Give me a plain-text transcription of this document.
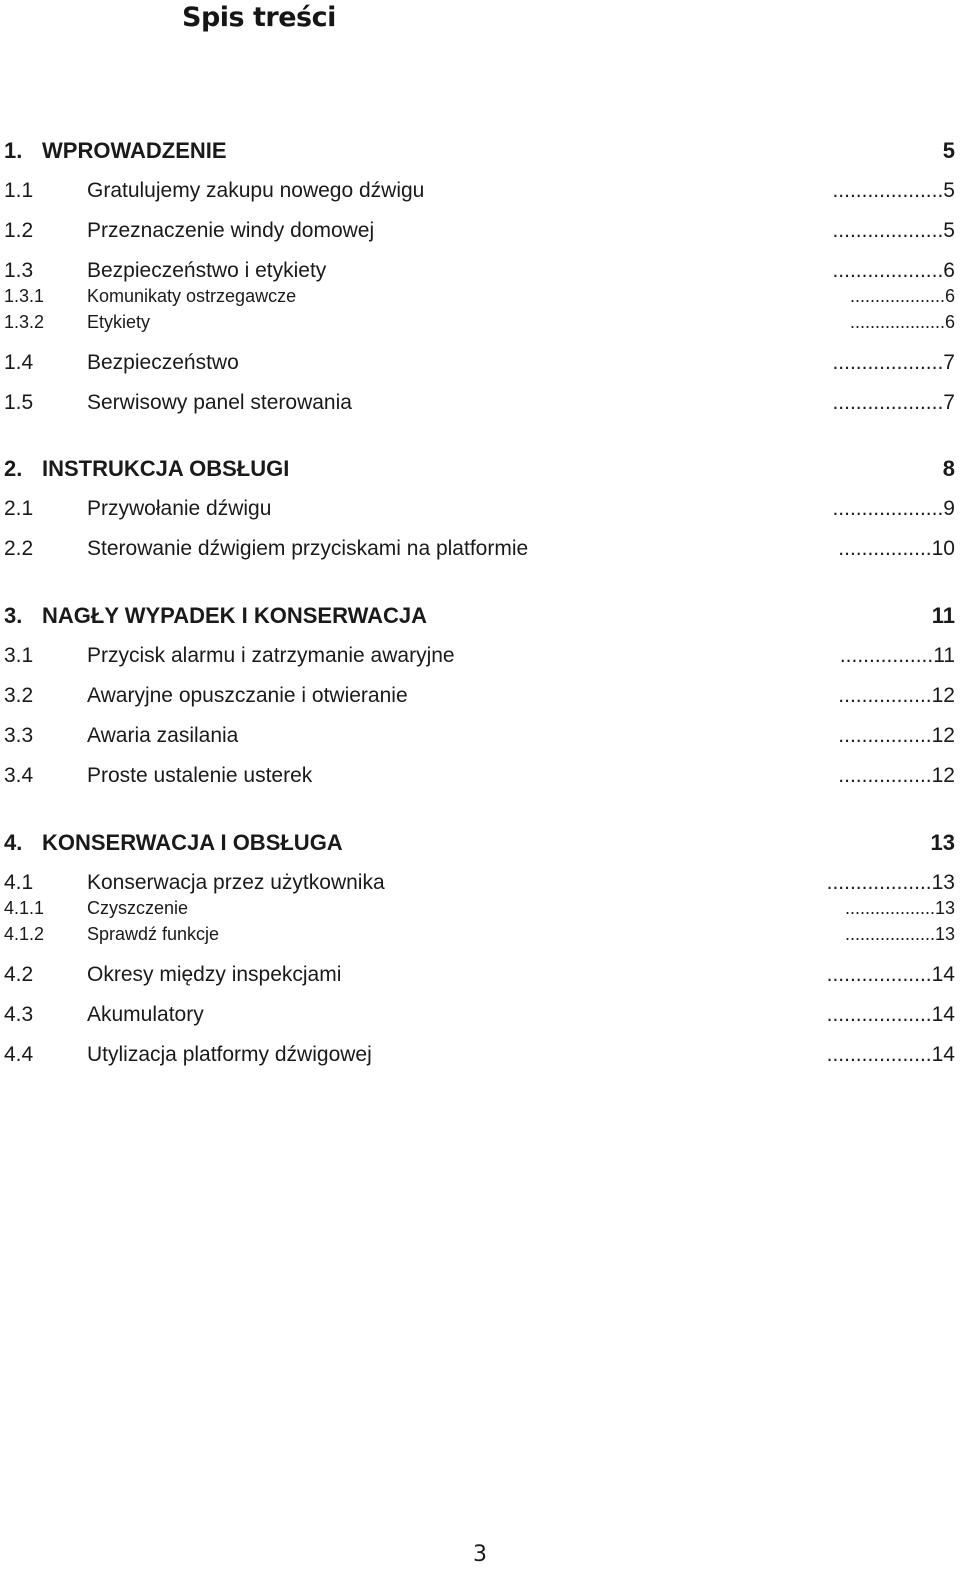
Spis treści
1. WPROWADZENIE	5
1.1	Gratulujemy zakupu nowego dźwigu	...................5
1.2	Przeznaczenie windy domowej	...................5
1.3	Bezpieczeństwo i etykiety	...................6
1.3.1 Komunikaty ostrzegawcze	...................6
1.3.2 Etykiety	...................6
1.4	Bezpieczeństwo	...................7
1.5	Serwisowy panel sterowania	...................7
2. INSTRUKCJA OBSŁUGI	8
2.1	Przywołanie dźwigu	...................9
2.2	Sterowanie dźwigiem przyciskami na platformie	................10
3. NAGŁY WYPADEK I KONSERWACJA	11
3.1	Przycisk alarmu i zatrzymanie awaryjne	................11
3.2	Awaryjne opuszczanie i otwieranie	................12
3.3	Awaria zasilania	................12
3.4	Proste ustalenie usterek	................12
4. KONSERWACJA I OBSŁUGA	13
4.1	Konserwacja przez użytkownika	..................13
4.1.1 Czyszczenie	..................13
4.1.2 Sprawdź funkcje	..................13
4.2	Okresy między inspekcjami	..................14
4.3	Akumulatory	..................14
4.4	Utylizacja platformy dźwigowej	..................14
3
